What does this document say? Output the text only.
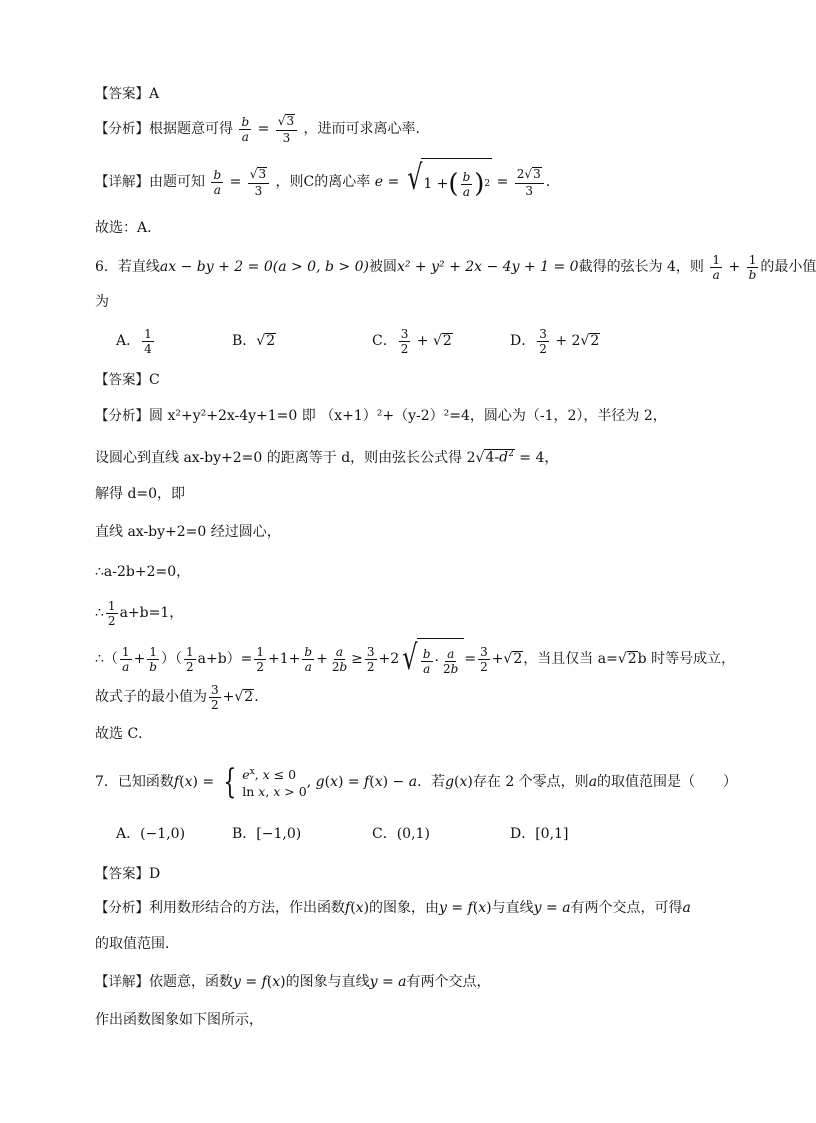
【答案】A
【分析】根据题意可得 $\frac{b}{a} = \frac{√3}{3}$ ，进而可求离心率.
【详解】由题可知 $\frac{b}{a} = \frac{√3}{3}$ ，则C的离心率 e = √ 1 + ( $\frac{b}{a}$ ) $2 = \frac{2√3}{3}$ .
故选：A.
6．若直线ax − by + 2 = 0(a > 0, b > 0)被圆x² + y² + 2x − 4y + 1 = 0截得的弦长为 4，则 $\frac{1}{a} + \frac{1}{b}$ 的最小值
为
A． $\frac{1}{4}$	B．√2	C． $\frac{3}{2} + √2$	D． $\frac{3}{2} + 2√2$
【答案】C
【分析】圆 x²+y²+2x-4y+1=0 即 （x+1）²+（y-2）²=4，圆心为（-1，2），半径为 2，
设圆心到直线 ax-by+2=0 的距离等于 d，则由弦长公式得 $2√4-d^2 = 4$，
解得 d=0，即
直线 ax-by+2=0 经过圆心，
∴a-2b+2=0，
∴ $\frac{1}{2} a+b=1$，
∴（ $\frac{1}{a} + \frac{1}{b}$ ）（ $\frac{1}{2} a+b)= \frac{1}{2} +1+ \frac{b}{a} + \frac{a}{2b} \ge \frac{3}{2} +2$ √ $\frac{b}{a} \cdot \frac{a}{2b} = \frac{3}{2} +√2$，当且仅当 a=√2b 时等号成立，
故式子的最小值为 $\frac{3}{2} +√2$.
故选 C．
7．已知函数f(x) = { $e^x$, x ≤ 0
ln x, x > 0
, g(x) = f(x) − a．若g(x)存在 2 个零点，则a的取值范围是（　　）
A．(−1,0)	B．[−1,0)	C．(0,1)	D．[0,1]
【答案】D
【分析】利用数形结合的方法，作出函数f(x)的图象，由y = f(x)与直线y = a有两个交点，可得a
的取值范围．
【详解】依题意，函数y = f(x)的图象与直线y = a有两个交点，
作出函数图象如下图所示，
